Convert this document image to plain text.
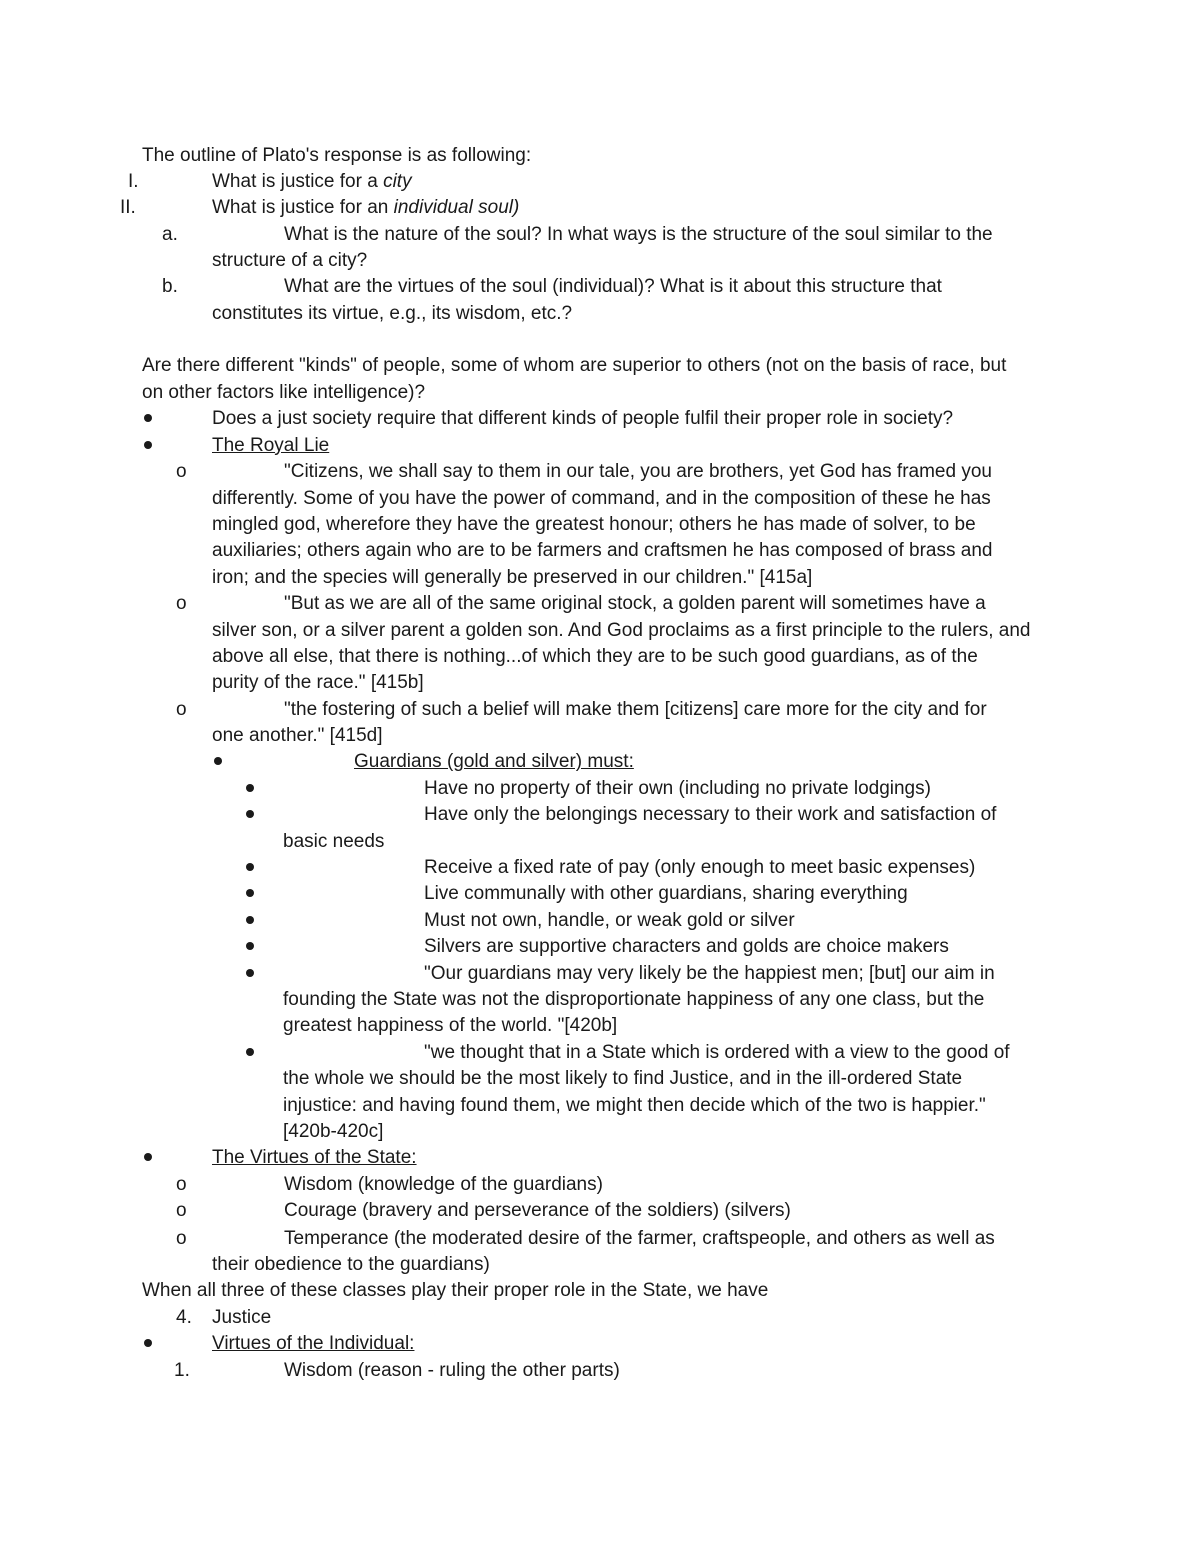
The outline of Plato's response is as following:
I.	What is justice for a city
II.	What is justice for an individual soul)
a.	What is the nature of the soul? In what ways is the structure of the soul similar to the
structure of a city?
b.	What are the virtues of the soul (individual)? What is it about this structure that
constitutes its virtue, e.g., its wisdom, etc.?
Are there different "kinds" of people, some of whom are superior to others (not on the basis of race, but
on other factors like intelligence)?
Does a just society require that different kinds of people fulfil their proper role in society?
The Royal Lie
o	"Citizens, we shall say to them in our tale, you are brothers, yet God has framed you
differently. Some of you have the power of command, and in the composition of these he has
mingled god, wherefore they have the greatest honour; others he has made of solver, to be
auxiliaries; others again who are to be farmers and craftsmen he has composed of brass and
iron; and the species will generally be preserved in our children." [415a]
o	"But as we are all of the same original stock, a golden parent will sometimes have a
silver son, or a silver parent a golden son. And God proclaims as a first principle to the rulers, and
above all else, that there is nothing...of which they are to be such good guardians, as of the
purity of the race." [415b]
o	"the fostering of such a belief will make them [citizens] care more for the city and for
one another." [415d]
Guardians (gold and silver) must:
Have no property of their own (including no private lodgings)
Have only the belongings necessary to their work and satisfaction of
basic needs
Receive a fixed rate of pay (only enough to meet basic expenses)
Live communally with other guardians, sharing everything
Must not own, handle, or weak gold or silver
Silvers are supportive characters and golds are choice makers
"Our guardians may very likely be the happiest men; [but] our aim in
founding the State was not the disproportionate happiness of any one class, but the
greatest happiness of the world. "[420b]
"we thought that in a State which is ordered with a view to the good of
the whole we should be the most likely to find Justice, and in the ill-ordered State
injustice: and having found them, we might then decide which of the two is happier."
[420b-420c]
The Virtues of the State:
o	Wisdom (knowledge of the guardians)
o	Courage (bravery and perseverance of the soldiers) (silvers)
o	Temperance (the moderated desire of the farmer, craftspeople, and others as well as
their obedience to the guardians)
When all three of these classes play their proper role in the State, we have
4. Justice
Virtues of the Individual:
1.	Wisdom (reason - ruling the other parts)
